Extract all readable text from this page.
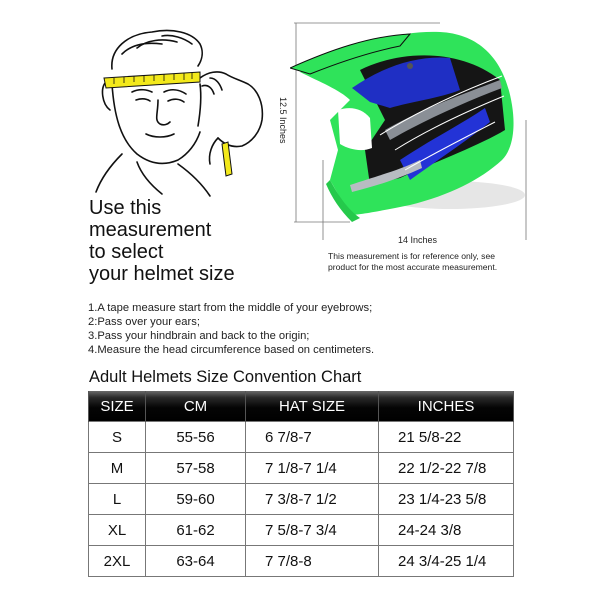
Use this
measurement
to select
your helmet size
12.5 Inches
14 Inches
This measurement is for reference only, see
product for the most accurate measurement.
1.A tape measure start from the middle of your eyebrows;
2:Pass over your ears;
3.Pass your hindbrain and back to the origin;
4.Measure the head circumference based on centimeters.
Adult Helmets Size Convention Chart
SIZE	CM	HAT SIZE	INCHES
S	55-56	6 7/8-7	21 5/8-22
M	57-58	7 1/8-7 1/4	22 1/2-22 7/8
L	59-60	7 3/8-7 1/2	23 1/4-23 5/8
XL	61-62	7 5/8-7 3/4	24-24 3/8
2XL	63-64	7 7/8-8	24 3/4-25 1/4
